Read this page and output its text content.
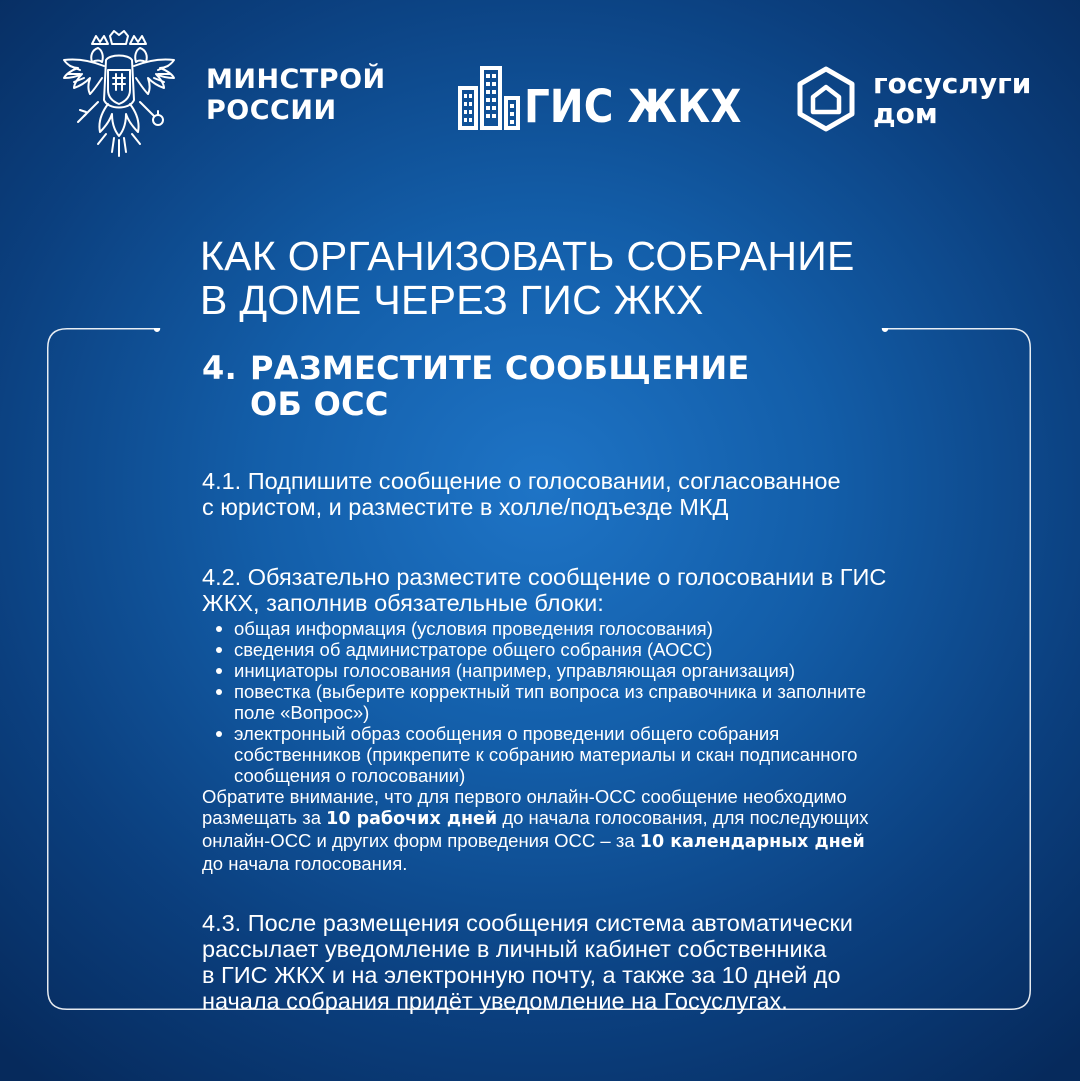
МИНСТРОЙ
РОССИИ	ГИС ЖКХ	госуслуги
дом
КАК ОРГАНИЗОВАТЬ СОБРАНИЕ
В ДОМЕ ЧЕРЕЗ ГИС ЖКХ
4. РАЗМЕСТИТЕ СООБЩЕНИЕ
ОБ ОСС
4.1. Подпишите сообщение о голосовании, согласованное
с юристом, и разместите в холле/подъезде МКД
4.2. Обязательно разместите сообщение о голосовании в ГИС
ЖКХ, заполнив обязательные блоки:
общая информация (условия проведения голосования)
сведения об администраторе общего собрания (АОСС)
инициаторы голосования (например, управляющая организация)
повестка (выберите корректный тип вопроса из справочника и заполните
поле «Вопрос»)
электронный образ сообщения о проведении общего собрания
собственников (прикрепите к собранию материалы и скан подписанного
сообщения о голосовании)
Обратите внимание, что для первого онлайн-ОСС сообщение необходимо
размещать за 10 рабочих дней до начала голосования, для последующих
онлайн-ОСС и других форм проведения ОСС – за 10 календарных дней
до начала голосования.
4.3. После размещения сообщения система автоматически
рассылает уведомление в личный кабинет собственника
в ГИС ЖКХ и на электронную почту, а также за 10 дней до
начала собрания придёт уведомление на Госуслугах.
